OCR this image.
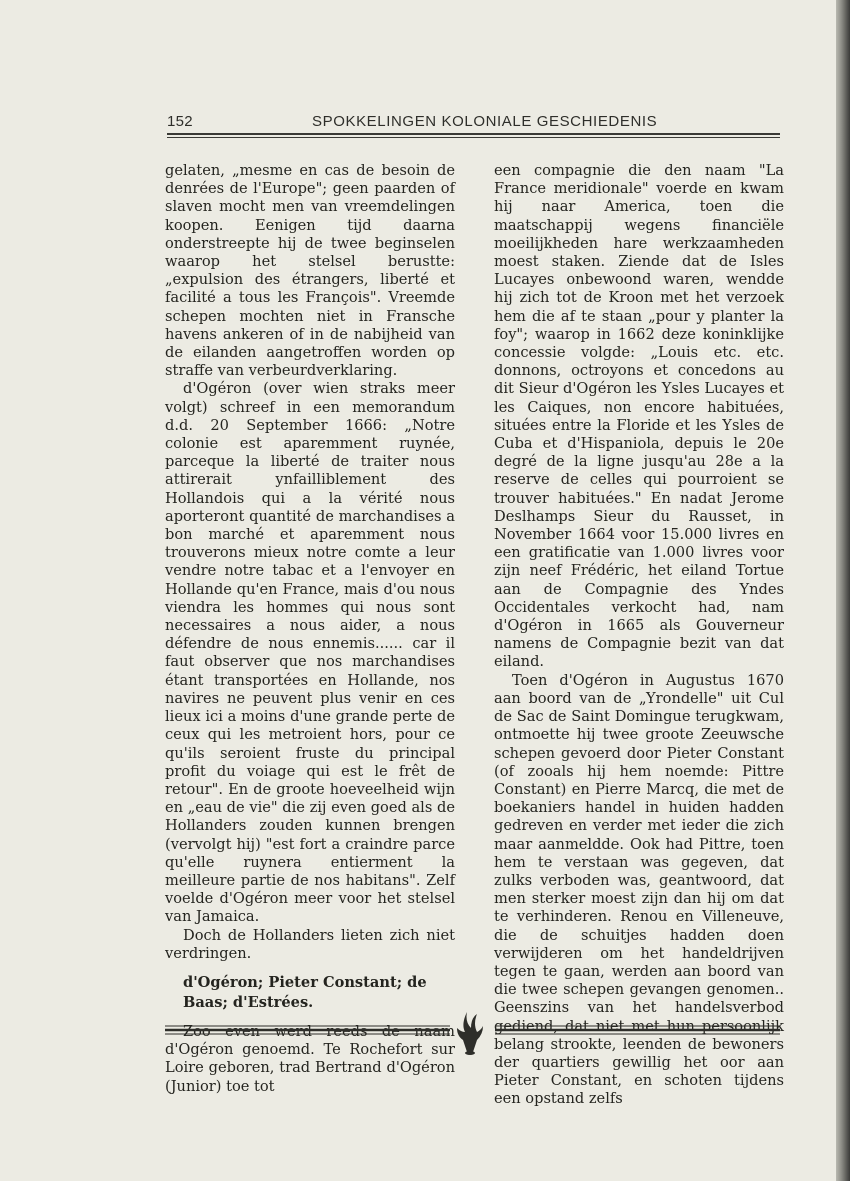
152	SPOKKELINGEN KOLONIALE GESCHIEDENIS

gelaten, „mesme en cas de besoin de denrées de l'Europe"; geen paarden of slaven mocht men van vreemdelingen koopen. Eenigen tijd daarna onderstreepte hij de twee beginselen waarop het stelsel berustte: „expulsion des étrangers, liberté et facilité a tous les François". Vreemde schepen mochten niet in Fransche havens ankeren of in de nabijheid van de eilanden aangetroffen worden op straffe van verbeurdverklaring.

d'Ogéron (over wien straks meer volgt) schreef in een memorandum d.d. 20 September 1666: „Notre colonie est aparemment ruynée, parceque la liberté de traiter nous attirerait ynfailliblement des Hollandois qui a la vérité nous aporteront quantité de marchandises a bon marché et aparemment nous trouverons mieux notre comte a leur vendre notre tabac et a l'envoyer en Hollande qu'en France, mais d'ou nous viendra les hommes qui nous sont necessaires a nous aider, a nous défendre de nous ennemis...... car il faut observer que nos marchandises étant transportées en Hollande, nos navires ne peuvent plus venir en ces lieux ici a moins d'une grande perte de ceux qui les metroient hors, pour ce qu'ils seroient fruste du principal profit du voiage qui est le frêt de retour". En de groote hoeveelheid wijn en „eau de vie" die zij even goed als de Hollanders zouden kunnen brengen (vervolgt hij) "est fort a craindre parce qu'elle ruynera entierment la meilleure partie de nos habitans". Zelf voelde d'Ogéron meer voor het stelsel van Jamaica.

Doch de Hollanders lieten zich niet verdringen.

d'Ogéron; Pieter Constant; de Baas; d'Estrées.

Zoo even werd reeds de naam d'Ogéron genoemd. Te Rochefort sur Loire geboren, trad Bertrand d'Ogéron (Junior) toe tot

een compagnie die den naam "La France meridionale" voerde en kwam hij naar America, toen die maatschappij wegens financiële moeilijkheden hare werkzaamheden moest staken. Ziende dat de Isles Lucayes onbewoond waren, wendde hij zich tot de Kroon met het verzoek hem die af te staan „pour y planter la foy"; waarop in 1662 deze koninklijke concessie volgde: „Louis etc. etc. donnons, octroyons et concedons au dit Sieur d'Ogéron les Ysles Lucayes et les Caiques, non encore habituées, situées entre la Floride et les Ysles de Cuba et d'Hispaniola, depuis le 20e degré de la ligne jusqu'au 28e a la reserve de celles qui pourroient se trouver habituées." En nadat Jerome Deslhamps Sieur du Rausset, in November 1664 voor 15.000 livres en een gratificatie van 1.000 livres voor zijn neef Frédéric, het eiland Tortue aan de Compagnie des Yndes Occidentales verkocht had, nam d'Ogéron in 1665 als Gouverneur namens de Compagnie bezit van dat eiland.

Toen d'Ogéron in Augustus 1670 aan boord van de „Yrondelle" uit Cul de Sac de Saint Domingue terugkwam, ontmoette hij twee groote Zeeuwsche schepen gevoerd door Pieter Constant (of zooals hij hem noemde: Pittre Constant) en Pierre Marcq, die met de boekaniers handel in huiden hadden gedreven en verder met ieder die zich maar aanmeldde. Ook had Pittre, toen hem te verstaan was gegeven, dat zulks verboden was, geantwoord, dat men sterker moest zijn dan hij om dat te verhinderen. Renou en Villeneuve, die de schuitjes hadden doen verwijderen om het handeldrijven tegen te gaan, werden aan boord van die twee schepen gevangen genomen.. Geenszins van het handelsverbod gediend, dat niet met hun persoonlijk belang strookte, leenden de bewoners der quartiers gewillig het oor aan Pieter Constant, en schoten tijdens een opstand zelfs
